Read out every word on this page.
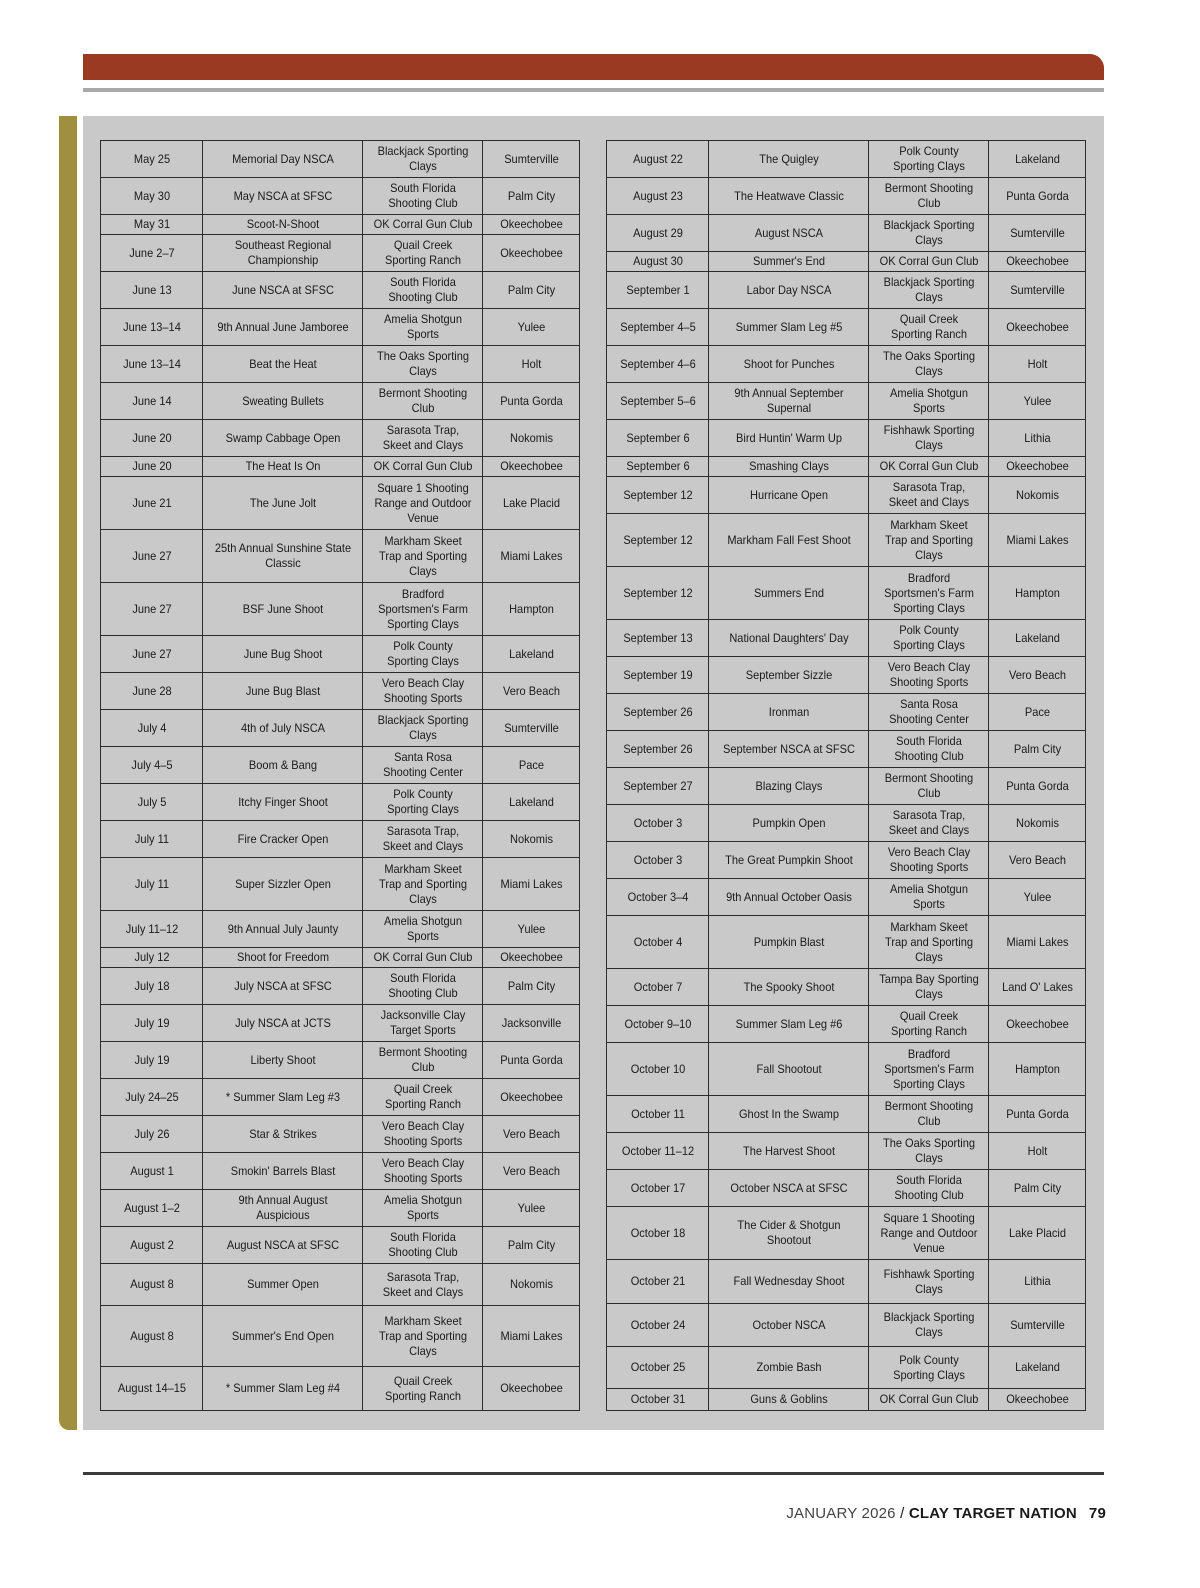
May 25	Memorial Day NSCA	Blackjack Sporting Clays	Sumterville
May 30	May NSCA at SFSC	South Florida Shooting Club	Palm City
May 31	Scoot-N-Shoot	OK Corral Gun Club	Okeechobee
June 2–7	Southeast Regional Championship	Quail Creek Sporting Ranch	Okeechobee
June 13	June NSCA at SFSC	South Florida Shooting Club	Palm City
June 13–14	9th Annual June Jamboree	Amelia Shotgun Sports	Yulee
June 13–14	Beat the Heat	The Oaks Sporting Clays	Holt
June 14	Sweating Bullets	Bermont Shooting Club	Punta Gorda
June 20	Swamp Cabbage Open	Sarasota Trap, Skeet and Clays	Nokomis
June 20	The Heat Is On	OK Corral Gun Club	Okeechobee
June 21	The June Jolt	Square 1 Shooting Range and Outdoor Venue	Lake Placid
June 27	25th Annual Sunshine State Classic	Markham Skeet Trap and Sporting Clays	Miami Lakes
June 27	BSF June Shoot	Bradford Sportsmen's Farm Sporting Clays	Hampton
June 27	June Bug Shoot	Polk County Sporting Clays	Lakeland
June 28	June Bug Blast	Vero Beach Clay Shooting Sports	Vero Beach
July 4	4th of July NSCA	Blackjack Sporting Clays	Sumterville
July 4–5	Boom & Bang	Santa Rosa Shooting Center	Pace
July 5	Itchy Finger Shoot	Polk County Sporting Clays	Lakeland
July 11	Fire Cracker Open	Sarasota Trap, Skeet and Clays	Nokomis
July 11	Super Sizzler Open	Markham Skeet Trap and Sporting Clays	Miami Lakes
July 11–12	9th Annual July Jaunty	Amelia Shotgun Sports	Yulee
July 12	Shoot for Freedom	OK Corral Gun Club	Okeechobee
July 18	July NSCA at SFSC	South Florida Shooting Club	Palm City
July 19	July NSCA at JCTS	Jacksonville Clay Target Sports	Jacksonville
July 19	Liberty Shoot	Bermont Shooting Club	Punta Gorda
July 24–25	* Summer Slam Leg #3	Quail Creek Sporting Ranch	Okeechobee
July 26	Star & Strikes	Vero Beach Clay Shooting Sports	Vero Beach
August 1	Smokin' Barrels Blast	Vero Beach Clay Shooting Sports	Vero Beach
August 1–2	9th Annual August Auspicious	Amelia Shotgun Sports	Yulee
August 2	August NSCA at SFSC	South Florida Shooting Club	Palm City
August 8	Summer Open	Sarasota Trap, Skeet and Clays	Nokomis
August 8	Summer's End Open	Markham Skeet Trap and Sporting Clays	Miami Lakes
August 14–15	* Summer Slam Leg #4	Quail Creek Sporting Ranch	Okeechobee
August 22	The Quigley	Polk County Sporting Clays	Lakeland
August 23	The Heatwave Classic	Bermont Shooting Club	Punta Gorda
August 29	August NSCA	Blackjack Sporting Clays	Sumterville
August 30	Summer's End	OK Corral Gun Club	Okeechobee
September 1	Labor Day NSCA	Blackjack Sporting Clays	Sumterville
September 4–5	Summer Slam Leg #5	Quail Creek Sporting Ranch	Okeechobee
September 4–6	Shoot for Punches	The Oaks Sporting Clays	Holt
September 5–6	9th Annual September Supernal	Amelia Shotgun Sports	Yulee
September 6	Bird Huntin' Warm Up	Fishhawk Sporting Clays	Lithia
September 6	Smashing Clays	OK Corral Gun Club	Okeechobee
September 12	Hurricane Open	Sarasota Trap, Skeet and Clays	Nokomis
September 12	Markham Fall Fest Shoot	Markham Skeet Trap and Sporting Clays	Miami Lakes
September 12	Summers End	Bradford Sportsmen's Farm Sporting Clays	Hampton
September 13	National Daughters' Day	Polk County Sporting Clays	Lakeland
September 19	September Sizzle	Vero Beach Clay Shooting Sports	Vero Beach
September 26	Ironman	Santa Rosa Shooting Center	Pace
September 26	September NSCA at SFSC	South Florida Shooting Club	Palm City
September 27	Blazing Clays	Bermont Shooting Club	Punta Gorda
October 3	Pumpkin Open	Sarasota Trap, Skeet and Clays	Nokomis
October 3	The Great Pumpkin Shoot	Vero Beach Clay Shooting Sports	Vero Beach
October 3–4	9th Annual October Oasis	Amelia Shotgun Sports	Yulee
October 4	Pumpkin Blast	Markham Skeet Trap and Sporting Clays	Miami Lakes
October 7	The Spooky Shoot	Tampa Bay Sporting Clays	Land O' Lakes
October 9–10	Summer Slam Leg #6	Quail Creek Sporting Ranch	Okeechobee
October 10	Fall Shootout	Bradford Sportsmen's Farm Sporting Clays	Hampton
October 11	Ghost In the Swamp	Bermont Shooting Club	Punta Gorda
October 11–12	The Harvest Shoot	The Oaks Sporting Clays	Holt
October 17	October NSCA at SFSC	South Florida Shooting Club	Palm City
October 18	The Cider & Shotgun Shootout	Square 1 Shooting Range and Outdoor Venue	Lake Placid
October 21	Fall Wednesday Shoot	Fishhawk Sporting Clays	Lithia
October 24	October NSCA	Blackjack Sporting Clays	Sumterville
October 25	Zombie Bash	Polk County Sporting Clays	Lakeland
October 31	Guns & Goblins	OK Corral Gun Club	Okeechobee
JANUARY 2026 / CLAY TARGET NATION 79
